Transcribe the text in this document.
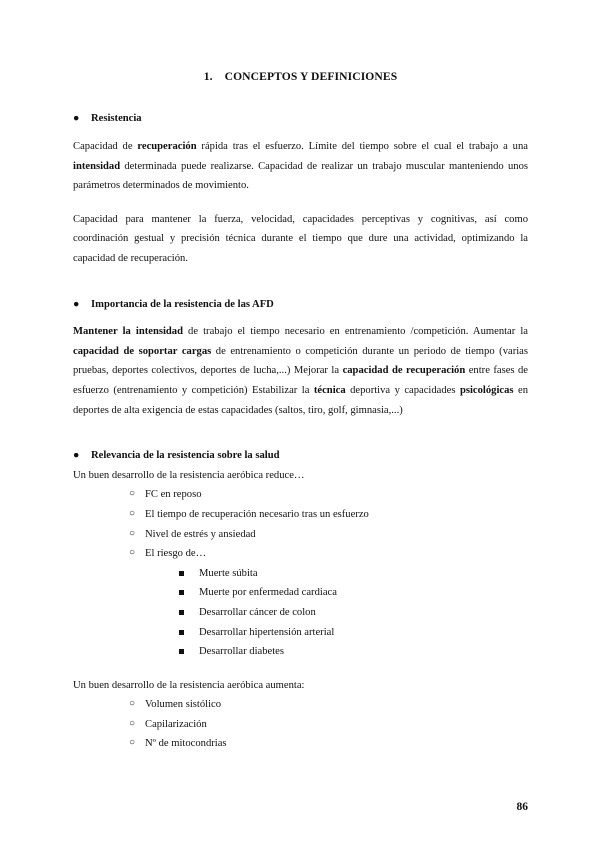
1. CONCEPTOS Y DEFINICIONES
● Resistencia

Capacidad de recuperación rápida tras el esfuerzo. Límite del tiempo sobre el cual el trabajo a una intensidad determinada puede realizarse. Capacidad de realizar un trabajo muscular manteniendo unos parámetros determinados de movimiento.

Capacidad para mantener la fuerza, velocidad, capacidades perceptivas y cognitivas, así como coordinación gestual y precisión técnica durante el tiempo que dure una actividad, optimizando la capacidad de recuperación.

● Importancia de la resistencia de las AFD

Mantener la intensidad de trabajo el tiempo necesario en entrenamiento /competición. Aumentar la capacidad de soportar cargas de entrenamiento o competición durante un periodo de tiempo (varias pruebas, deportes colectivos, deportes de lucha,...) Mejorar la capacidad de recuperación entre fases de esfuerzo (entrenamiento y competición) Estabilizar la técnica deportiva y capacidades psicológicas en deportes de alta exigencia de estas capacidades (saltos, tiro, golf, gimnasia,...)

● Relevancia de la resistencia sobre la salud

Un buen desarrollo de la resistencia aeróbica reduce…

○ FC en reposo
○ El tiempo de recuperación necesario tras un esfuerzo
○ Nivel de estrés y ansiedad
○ El riesgo de…
Muerte súbita
Muerte por enfermedad cardiaca
Desarrollar cáncer de colon
Desarrollar hipertensión arterial
Desarrollar diabetes

Un buen desarrollo de la resistencia aeróbica aumenta:

○ Volumen sistólico
○ Capilarización
○ Nº de mitocondrias
86
